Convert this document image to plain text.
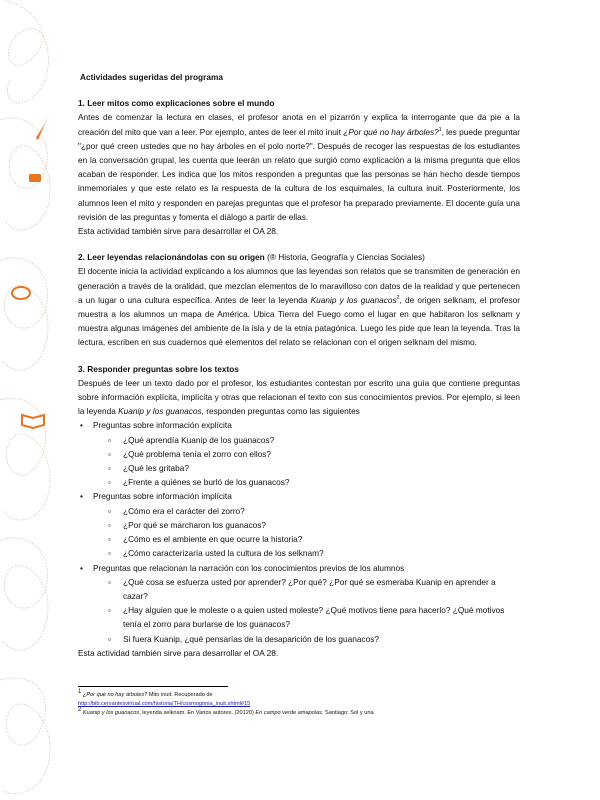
Actividades sugeridas del programa
1. Leer mitos como explicaciones sobre el mundo

Antes de comenzar la lectura en clases, el profesor anota en el pizarrón y explica la interrogante que da pie a la creación del mito que van a leer. Por ejemplo, antes de leer el mito inuit ¿Por qué no hay árboles?$^1$, les puede preguntar "¿por qué creen ustedes que no hay árboles en el polo norte?". Después de recoger las respuestas de los estudiantes en la conversación grupal, les cuenta que leerán un relato que surgió como explicación a la misma pregunta que ellos acaban de responder. Les indica que los mitos responden a preguntas que las personas se han hecho desde tiempos inmemoriales y que este relato es la respuesta de la cultura de los esquimales, la cultura inuit. Posteriormente, los alumnos leen el mito y responden en parejas preguntas que el profesor ha preparado previamente. El docente guía una revisión de las preguntas y fomenta el diálogo a partir de ellas.

Esta actividad también sirve para desarrollar el OA 28.

2. Leer leyendas relacionándolas con su origen (® Historia, Geografía y Ciencias Sociales)

El docente inicia la actividad explicando a los alumnos que las leyendas son relatos que se transmiten de generación en generación a través de la oralidad, que mezclan elementos de lo maravilloso con datos de la realidad y que pertenecen a un lugar o una cultura específica. Antes de leer la leyenda Kuanip y los guanacos$^2$, de origen selknam, el profesor muestra a los alumnos un mapa de América. Ubica Tierra del Fuego como el lugar en que habitaron los selknam y muestra algunas imágenes del ambiente de la isla y de la etnia patagónica. Luego les pide que lean la leyenda. Tras la lectura, escriben en sus cuadernos qué elementos del relato se relacionan con el origen selknam del mismo.

3. Responder preguntas sobre los textos

Después de leer un texto dado por el profesor, los estudiantes contestan por escrito una guía que contiene preguntas sobre información explícita, implícita y otras que relacionan el texto con sus conocimientos previos. Por ejemplo, si leen la leyenda Kuanip y los guanacos, responden preguntas como las siguientes

• Preguntas sobre información explícita
▫ ¿Qué aprendía Kuanip de los guanacos?
▫ ¿Qué problema tenía el zorro con ellos?
▫ ¿Qué les gritaba?
▫ ¿Frente a quiénes se burló de los guanacos?
• Preguntas sobre información implícita
▫ ¿Cómo era el carácter del zorro?
▫ ¿Por qué se marcharon los guanacos?
▫ ¿Cómo es el ambiente en que ocurre la historia?
▫ ¿Cómo caracterizaría usted la cultura de los selknam?
• Preguntas que relacionan la narración con los conocimientos previos de los alumnos
▫ ¿Qué cosa se esfuerza usted por aprender? ¿Por qué? ¿Por qué se esmeraba Kuanip en aprender a cazar?
▫ ¿Hay alguien que le moleste o a quien usted moleste? ¿Qué motivos tiene para hacerlo? ¿Qué motivos tenía el zorro para burlarse de los guanacos?
▫ Si fuera Kuanip, ¿qué pensarías de la desaparición de los guanacos?

Esta actividad también sirve para desarrollar el OA 28.

$^1$ ¿Por qué no hay árboles? Mito inuit. Recuperado de
http://bib.cervantesvirtual.com/historia/TH/cosmogonia_inuit.shtml#15
$^2$ Kuanip y los guanacos, leyenda selknam. En Varios autores. (20120) En campo verde amapolas. Santiago: Sol y una
